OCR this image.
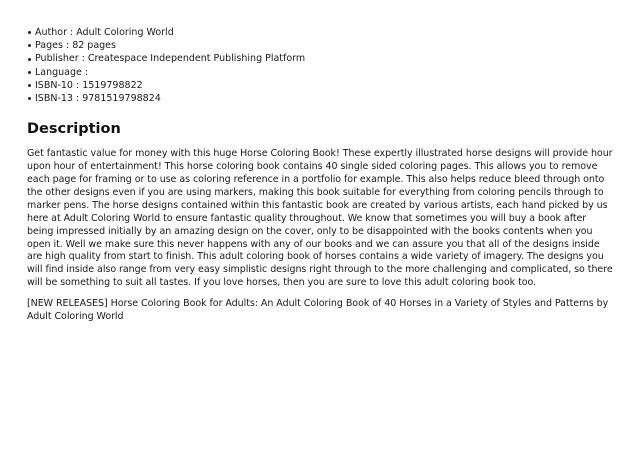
Author : Adult Coloring World
Pages : 82 pages
Publisher : Createspace Independent Publishing Platform
Language :
ISBN-10 : 1519798822
ISBN-13 : 9781519798824
Description

Get fantastic value for money with this huge Horse Coloring Book! These expertly illustrated horse designs will provide hour upon hour of entertainment! This horse coloring book contains 40 single sided coloring pages. This allows you to remove each page for framing or to use as coloring reference in a portfolio for example. This also helps reduce bleed through onto the other designs even if you are using markers, making this book suitable for everything from coloring pencils through to marker pens. The horse designs contained within this fantastic book are created by various artists, each hand picked by us here at Adult Coloring World to ensure fantastic quality throughout. We know that sometimes you will buy a book after being impressed initially by an amazing design on the cover, only to be disappointed with the books contents when you open it. Well we make sure this never happens with any of our books and we can assure you that all of the designs inside are high quality from start to finish. This adult coloring book of horses contains a wide variety of imagery. The designs you will find inside also range from very easy simplistic designs right through to the more challenging and complicated, so there will be something to suit all tastes. If you love horses, then you are sure to love this adult coloring book too.

[NEW RELEASES] Horse Coloring Book for Adults: An Adult Coloring Book of 40 Horses in a Variety of Styles and Patterns by Adult Coloring World
